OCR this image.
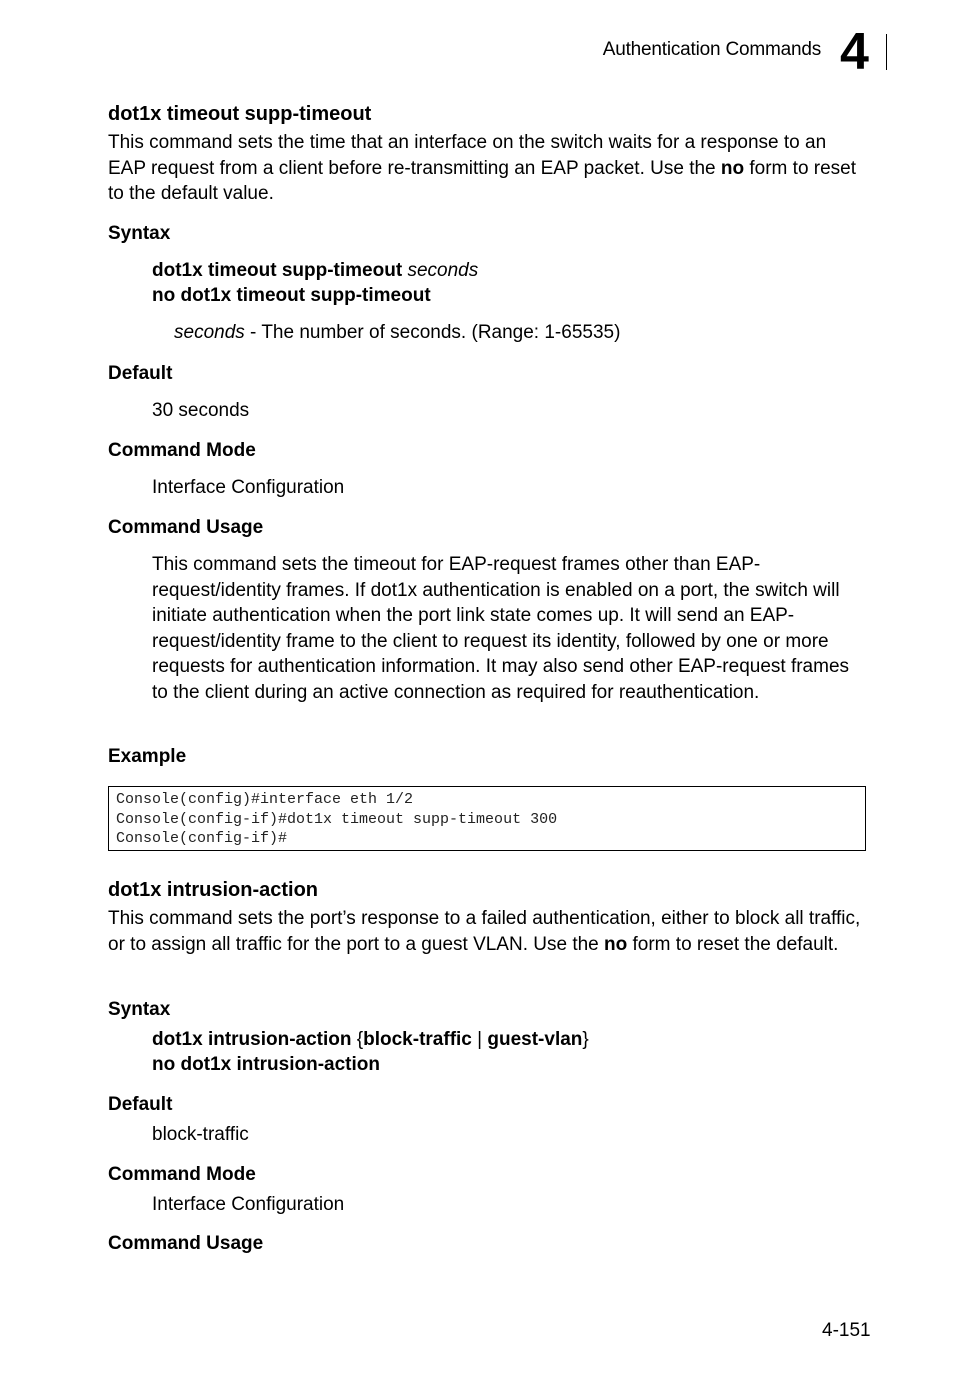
Authentication Commands 4
dot1x timeout supp-timeout

This command sets the time that an interface on the switch waits for a response to an EAP request from a client before re-transmitting an EAP packet. Use the no form to reset to the default value.

Syntax
dot1x timeout supp-timeout seconds
no dot1x timeout supp-timeout
seconds - The number of seconds. (Range: 1-65535)
Default
30 seconds
Command Mode
Interface Configuration
Command Usage

This command sets the timeout for EAP-request frames other than EAP-request/identity frames. If dot1x authentication is enabled on a port, the switch will initiate authentication when the port link state comes up. It will send an EAP-request/identity frame to the client to request its identity, followed by one or more requests for authentication information. It may also send other EAP-request frames to the client during an active connection as required for reauthentication.

Example
Console(config)#interface eth 1/2
Console(config-if)#dot1x timeout supp-timeout 300
Console(config-if)#
dot1x intrusion-action

This command sets the port’s response to a failed authentication, either to block all traffic, or to assign all traffic for the port to a guest VLAN. Use the no form to reset the default.

Syntax
dot1x intrusion-action {block-traffic | guest-vlan}
no dot1x intrusion-action
Default
block-traffic
Command Mode
Interface Configuration
Command Usage
4-151
